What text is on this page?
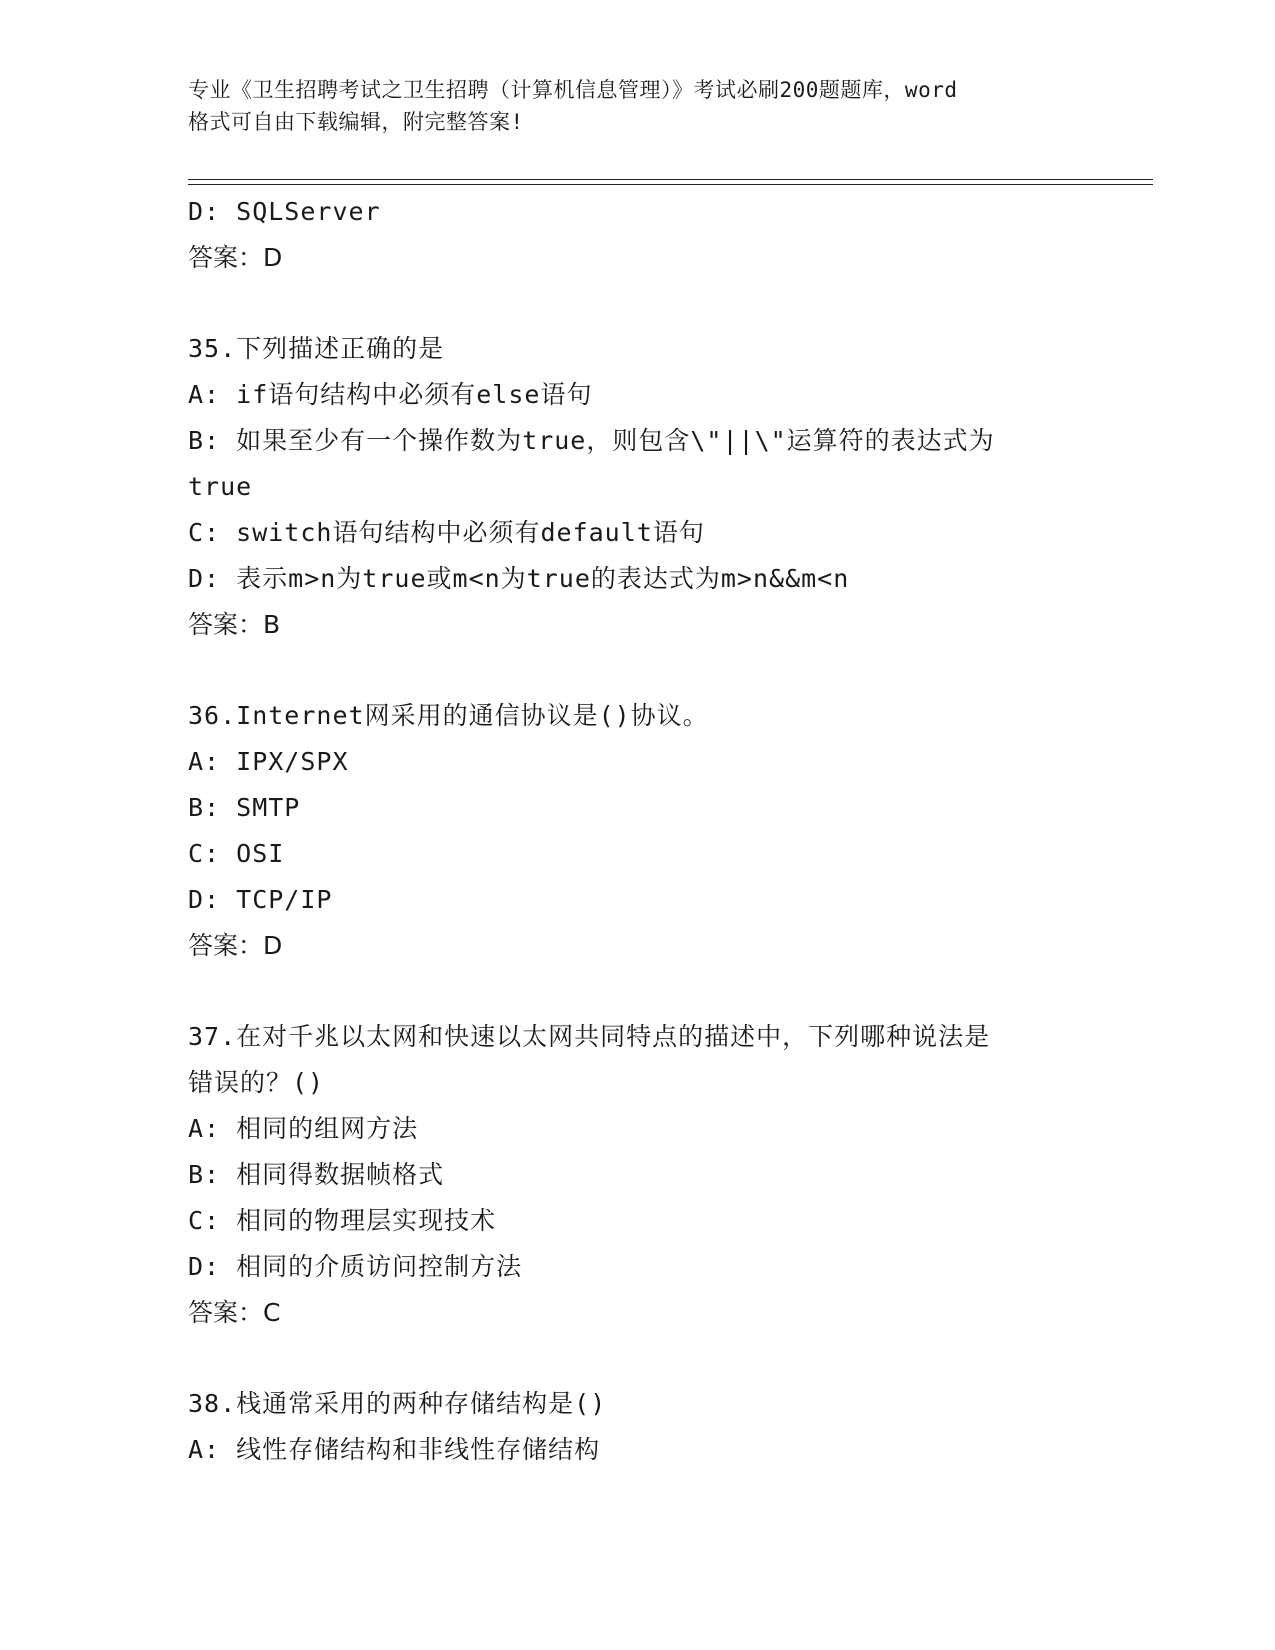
专业《卫生招聘考试之卫生招聘（计算机信息管理）》考试必刷200题题库，word
格式可自由下载编辑，附完整答案!
D: SQLServer
答案：D
35.下列描述正确的是
A: if语句结构中必须有else语句
B: 如果至少有一个操作数为true，则包含\"||\"运算符的表达式为
true
C: switch语句结构中必须有default语句
D: 表示m>n为true或m<n为true的表达式为m>n&&m<n
答案：B
36.Internet网采用的通信协议是()协议。
A: IPX/SPX
B: SMTP
C: OSI
D: TCP/IP
答案：D
37.在对千兆以太网和快速以太网共同特点的描述中，下列哪种说法是
错误的？()
A: 相同的组网方法
B: 相同得数据帧格式
C: 相同的物理层实现技术
D: 相同的介质访问控制方法
答案：C
38.栈通常采用的两种存储结构是()
A: 线性存储结构和非线性存储结构
